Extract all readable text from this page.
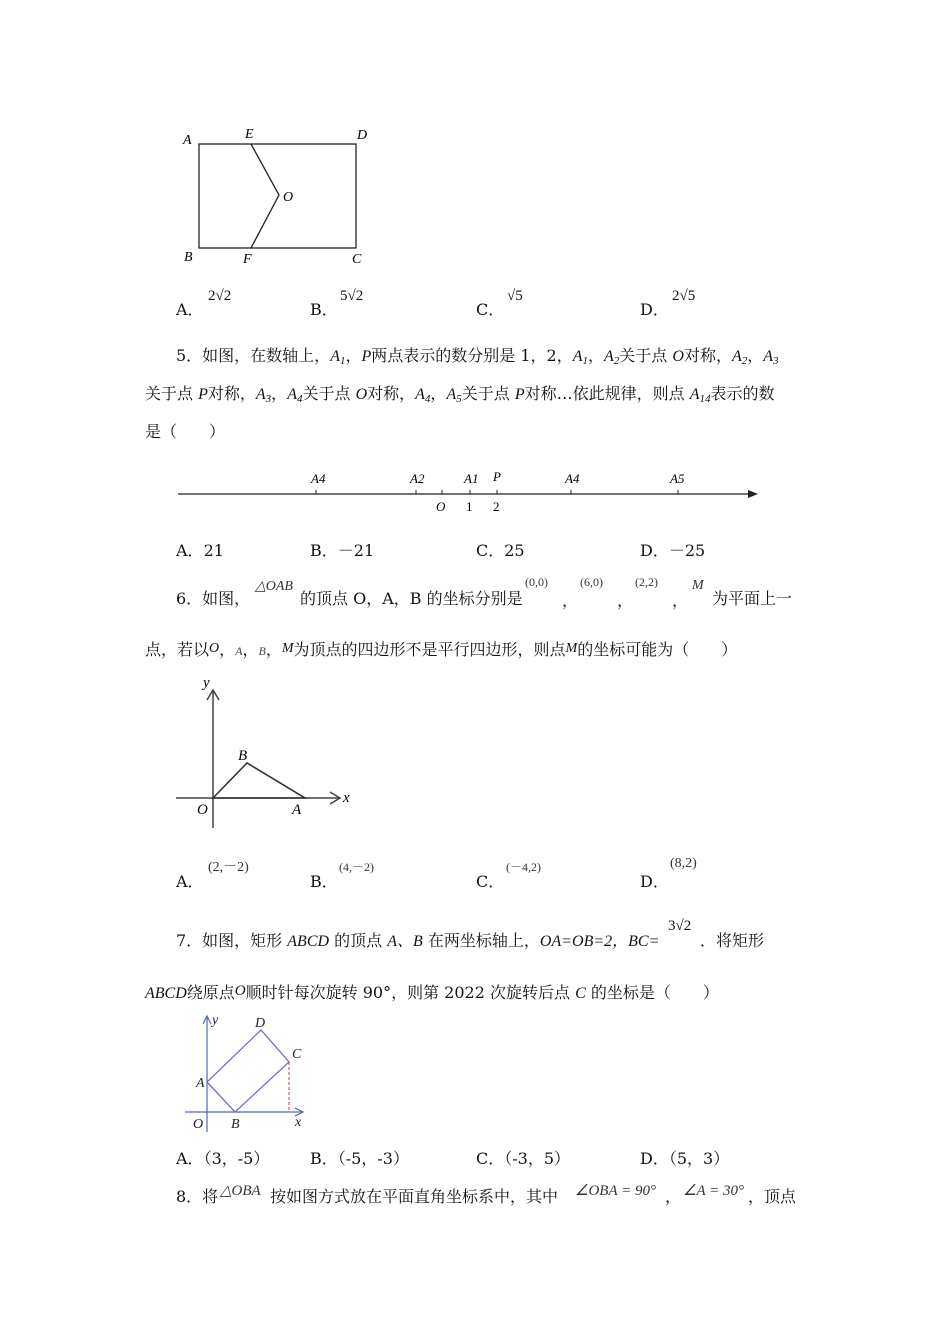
A	E	D
O
B	F	C
A．
2√2
B．
5√2
C．
√5
D．
2√5
5．如图，在数轴上，$A_1$，P两点表示的数分别是 1，2，$A_1$，$A_2$关于点 O对称，$A_2$，$A_3$
关于点 P对称，$A_3$，$A_4$关于点 O对称，$A_4$，$A_5$关于点 P对称…依此规律，则点 $A_{14}$表示的数
是（　　）
A4	A2	A1 P	A4	A5
O 1 2
A．21	B．－21	C．25	D．－25
6．如图，
△OAB
的顶点 O，A，B 的坐标分别是
(0,0)
，
(6,0)
，
(2,2)
，
M
为平面上一
点，若以O，A，B，M为顶点的四边形不是平行四边形，则点M的坐标可能为（　　）
y
x
O
B
A
A．
(2,－2)
B．
(4,－2)
C．
(－4,2)
D．
(8,2)
7．如图，矩形 ABCD 的顶点 A、B 在两坐标轴上，OA=OB=2，BC=
3√2
．将矩形
ABCD绕原点O顺时针每次旋转 90°，则第 2022 次旋转后点 C 的坐标是（　　）
y	D
C
A
O B	x
A．（3，-5）	B．（-5，-3）	C．（-3，5）	D．（5，3）
8．将 △OBA 按如图方式放在平面直角坐标系中，其中 ∠OBA = 90° ， ∠A = 30° ，顶点
